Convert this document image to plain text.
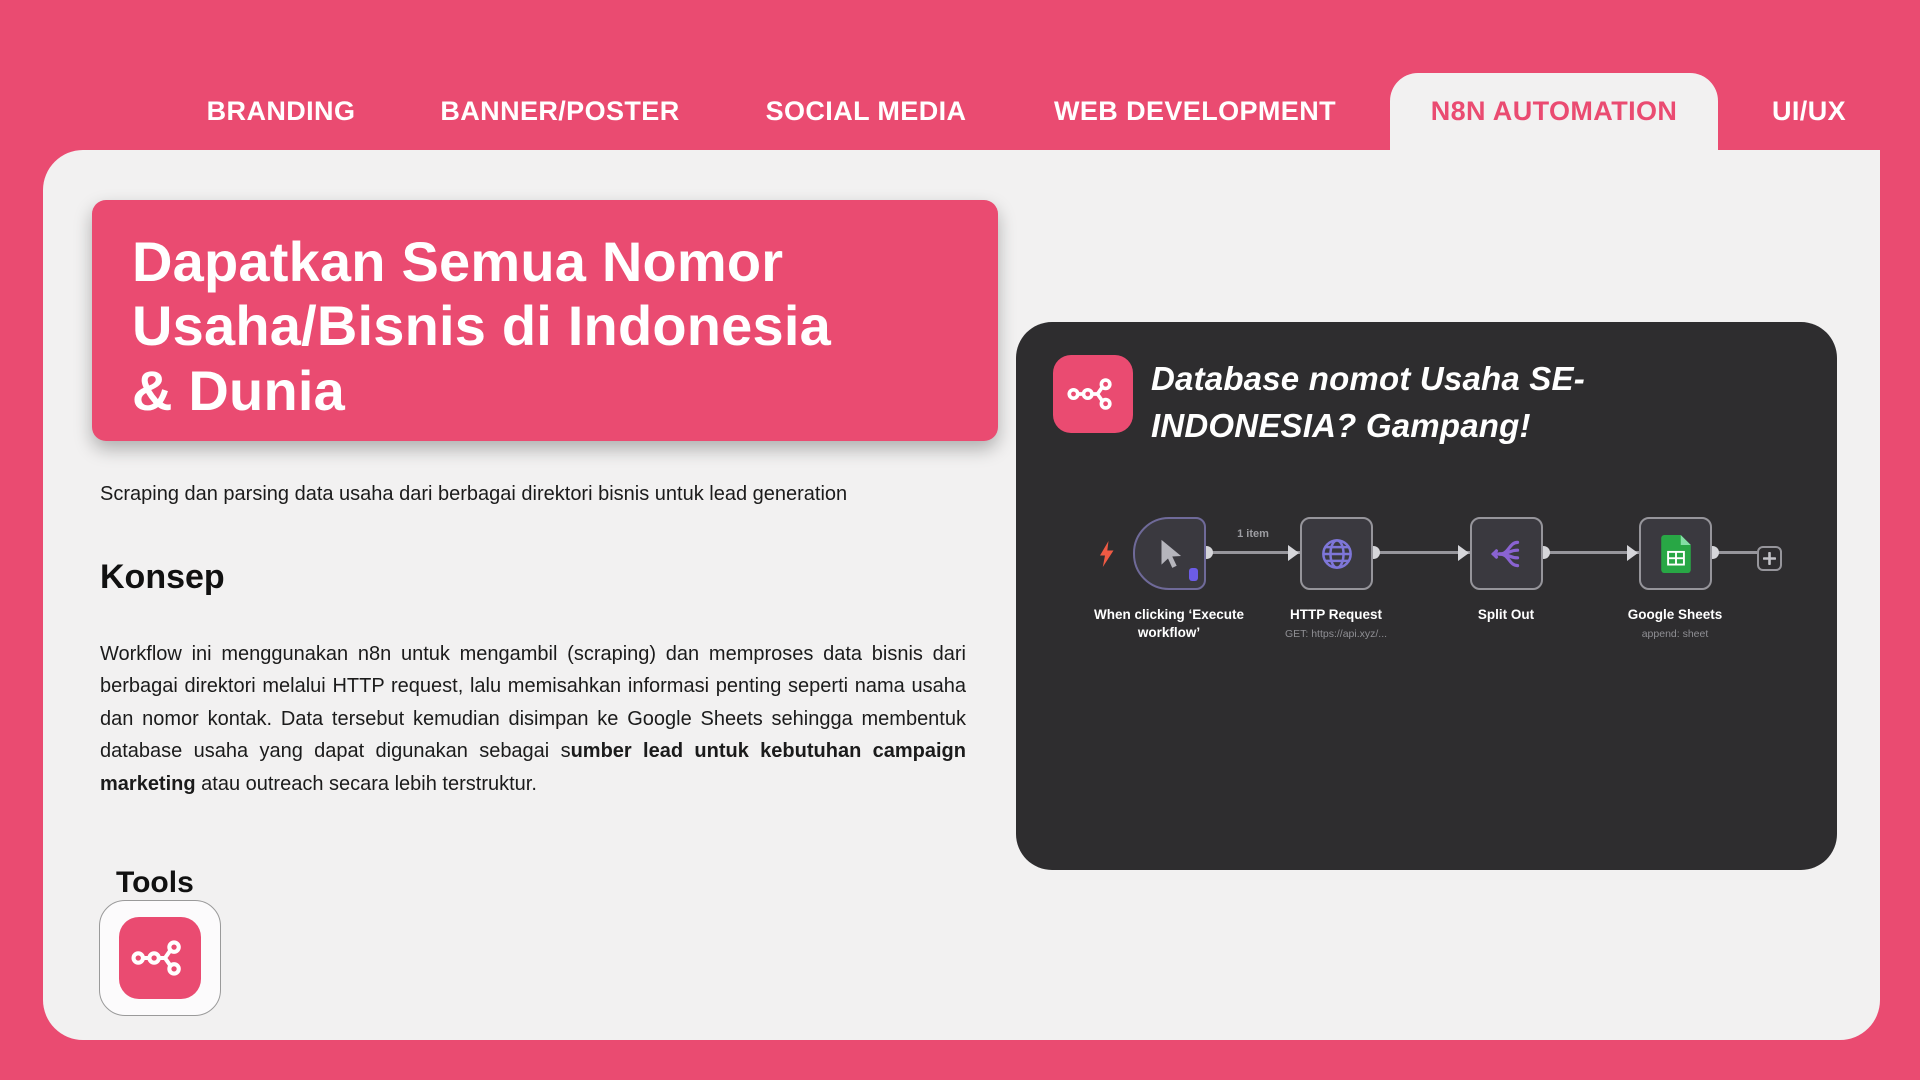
BRANDING	BANNER/POSTER	SOCIAL MEDIA	WEB DEVELOPMENT	N8N AUTOMATION	UI/UX
Dapatkan Semua Nomor
Usaha/Bisnis di Indonesia
& Dunia

Scraping dan parsing data usaha dari berbagai direktori bisnis untuk lead generation

Konsep

Workflow ini menggunakan n8n untuk mengambil (scraping) dan memproses data bisnis dari berbagai direktori melalui HTTP request, lalu memisahkan informasi penting seperti nama usaha dan nomor kontak. Data tersebut kemudian disimpan ke Google Sheets sehingga membentuk database usaha yang dapat digunakan sebagai sumber lead untuk kebutuhan campaign marketing atau outreach secara lebih terstruktur.

Tools
Database nomot Usaha SE-
INDONESIA? Gampang!
1 item
When clicking ‘Execute workflow’
HTTP Request
GET: https://api.xyz/...
Split Out	Google Sheets
append: sheet
